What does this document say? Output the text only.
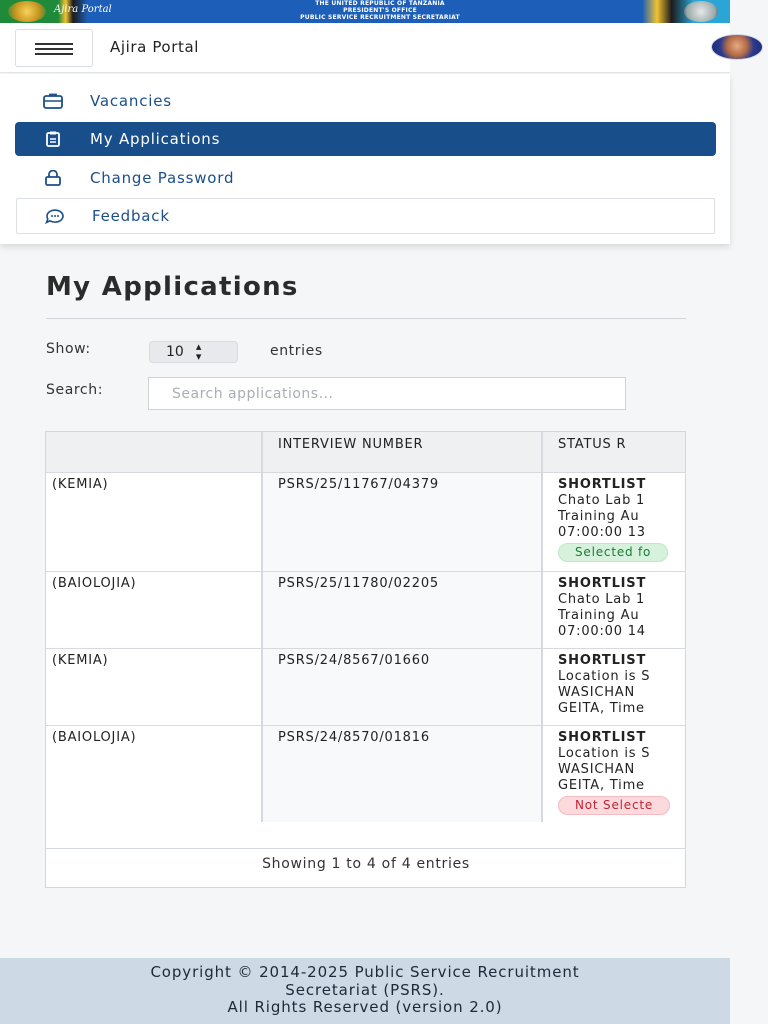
Ajira Portal
THE UNITED REPUBLIC OF TANZANIA
PRESIDENT'S OFFICE
PUBLIC SERVICE RECRUITMENT SECRETARIAT
Ajira Portal
Vacancies
My Applications
Change Password
Feedback
My Applications
Show:	10 ▴
▾	entries
Search:
Search applications...
	INTERVIEW NUMBER	STATUS R
(KEMIA)	PSRS/25/11767/04379	SHORTLIST
Chato Lab 1
Training Au
07:00:00 13
Selected fo
(BAIOLOJIA)	PSRS/25/11780/02205	SHORTLIST
Chato Lab 1
Training Au
07:00:00 14

(KEMIA)	PSRS/24/8567/01660	SHORTLIST
Location is S
WASICHAN
GEITA, Time

(BAIOLOJIA)	PSRS/24/8570/01816	SHORTLIST
Location is S
WASICHAN
GEITA, Time
Not Selecte
Showing 1 to 4 of 4 entries
Copyright © 2014-2025 Public Service Recruitment
Secretariat (PSRS).
All Rights Reserved (version 2.0)
